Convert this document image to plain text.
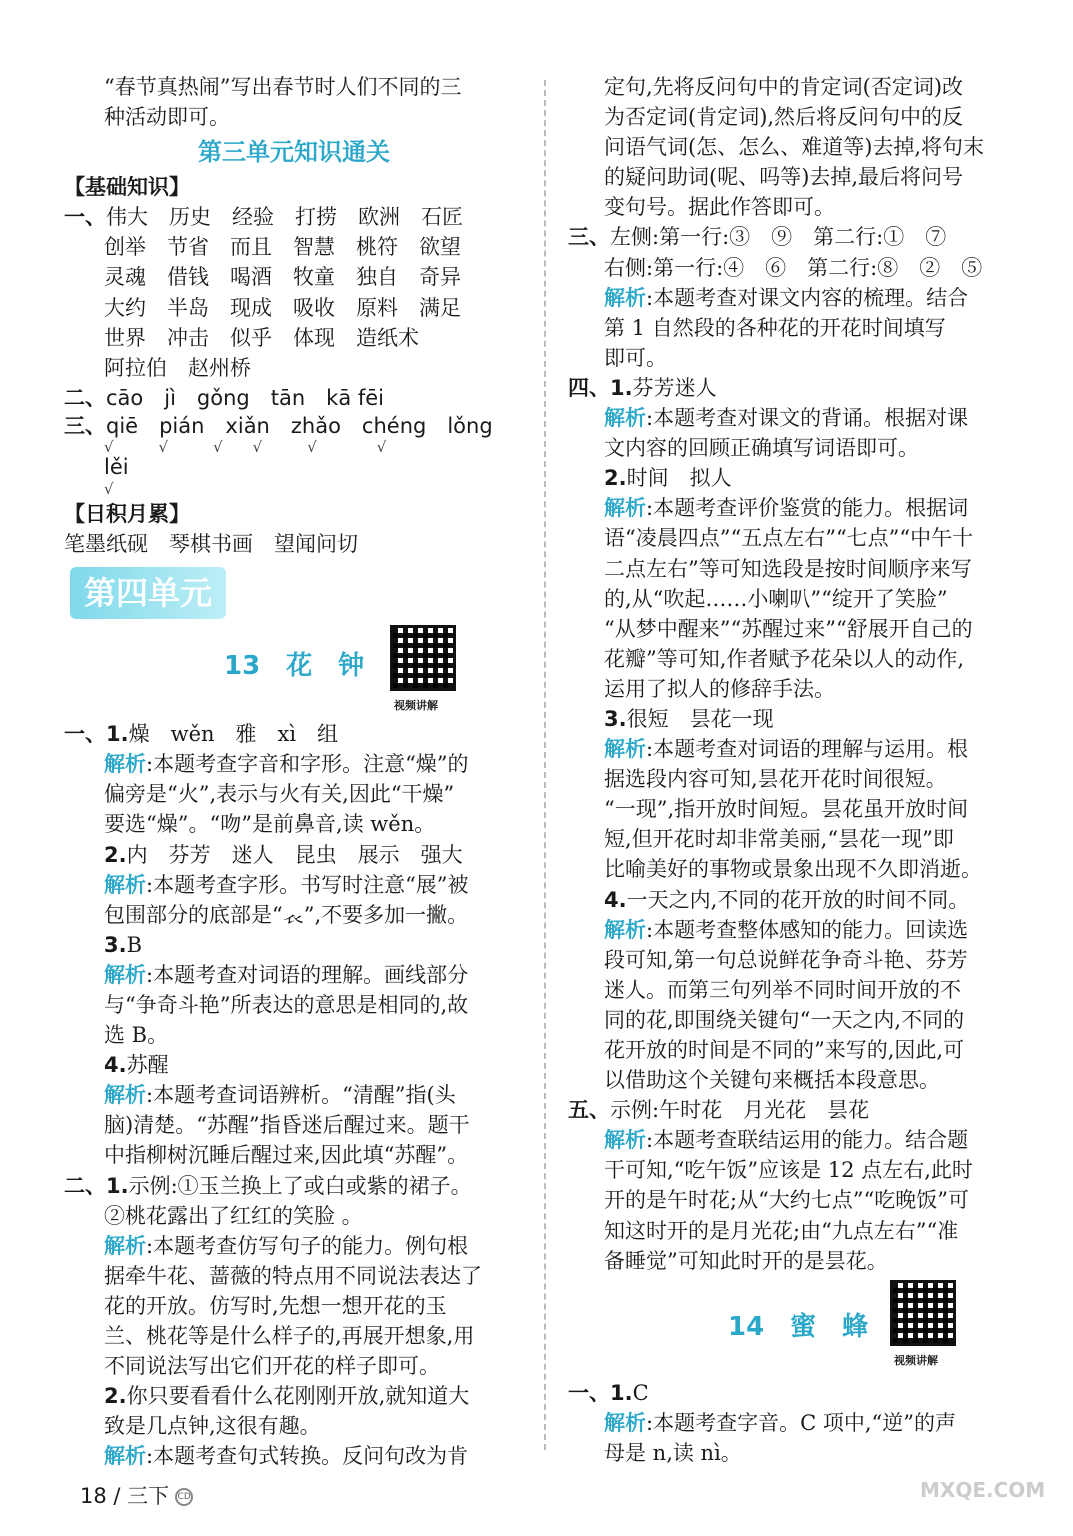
“春节真热闹”写出春节时人们不同的三
种活动即可。
第三单元知识通关
【基础知识】
一、伟大　历史　经验　打捞　欧洲　石匠
创举　节省　而且　智慧　桃符　欲望
灵魂　借钱　喝酒　牧童　独自　奇异
大约　半岛　现成　吸收　原料　满足
世界　冲击　似乎　体现　造纸术
阿拉伯　赵州桥
二、cāo　jì　gǒng　tān　kā fēi
三、qiē　pián　xiǎn　zhǎo　chéng　lǒng
√　　　√　　　√　　√　　　√　　　　√
lěi
√
【日积月累】
笔墨纸砚　琴棋书画　望闻问切
第四单元
13　花　钟
视频讲解
一、1.燥　wěn　雅　xì　组
解析:本题考查字音和字形。注意“燥”的
偏旁是“火”,表示与火有关,因此“干燥”
要选“燥”。“吻”是前鼻音,读 wěn。
2.内　芬芳　迷人　昆虫　展示　强大
解析:本题考查字形。书写时注意“展”被
包围部分的底部是“𧘇”,不要多加一撇。
3.B
解析:本题考查对词语的理解。画线部分
与“争奇斗艳”所表达的意思是相同的,故
选 B。
4.苏醒
解析:本题考查词语辨析。“清醒”指(头
脑)清楚。“苏醒”指昏迷后醒过来。题干
中指柳树沉睡后醒过来,因此填“苏醒”。
二、1.示例:①玉兰换上了或白或紫的裙子。
②桃花露出了红红的笑脸 。
解析:本题考查仿写句子的能力。例句根
据牵牛花、蔷薇的特点用不同说法表达了
花的开放。仿写时,先想一想开花的玉
兰、桃花等是什么样子的,再展开想象,用
不同说法写出它们开花的样子即可。
2.你只要看看什么花刚刚开放,就知道大
致是几点钟,这很有趣。
解析:本题考查句式转换。反问句改为肯
定句,先将反问句中的肯定词(否定词)改
为否定词(肯定词),然后将反问句中的反
问语气词(怎、怎么、难道等)去掉,将句末
的疑问助词(呢、吗等)去掉,最后将问号
变句号。据此作答即可。
三、左侧:第一行:③　⑨　第二行:①　⑦
右侧:第一行:④　⑥　第二行:⑧　②　⑤
解析:本题考查对课文内容的梳理。结合
第 1 自然段的各种花的开花时间填写
即可。
四、1.芬芳迷人
解析:本题考查对课文的背诵。根据对课
文内容的回顾正确填写词语即可。
2.时间　拟人
解析:本题考查评价鉴赏的能力。根据词
语“凌晨四点”“五点左右”“七点”“中午十
二点左右”等可知选段是按时间顺序来写
的,从“吹起……小喇叭”“绽开了笑脸”
“从梦中醒来”“苏醒过来”“舒展开自己的
花瓣”等可知,作者赋予花朵以人的动作,
运用了拟人的修辞手法。
3.很短　昙花一现
解析:本题考查对词语的理解与运用。根
据选段内容可知,昙花开花时间很短。
“一现”,指开放时间短。昙花虽开放时间
短,但开花时却非常美丽,“昙花一现”即
比喻美好的事物或景象出现不久即消逝。
4.一天之内,不同的花开放的时间不同。
解析:本题考查整体感知的能力。回读选
段可知,第一句总说鲜花争奇斗艳、芬芳
迷人。而第三句列举不同时间开放的不
同的花,即围绕关键句“一天之内,不同的
花开放的时间是不同的”来写的,因此,可
以借助这个关键句来概括本段意思。
五、示例:午时花　月光花　昙花
解析:本题考查联结运用的能力。结合题
干可知,“吃午饭”应该是 12 点左右,此时
开的是午时花;从“大约七点”“吃晚饭”可
知这时开的是月光花;由“九点左右”“准
备睡觉”可知此时开的是昙花。
14　蜜　蜂
视频讲解
一、1.C
解析:本题考查字音。C 项中,“逆”的声
母是 n,读 nì。
18 / 三下 CD	MXQE.COM
